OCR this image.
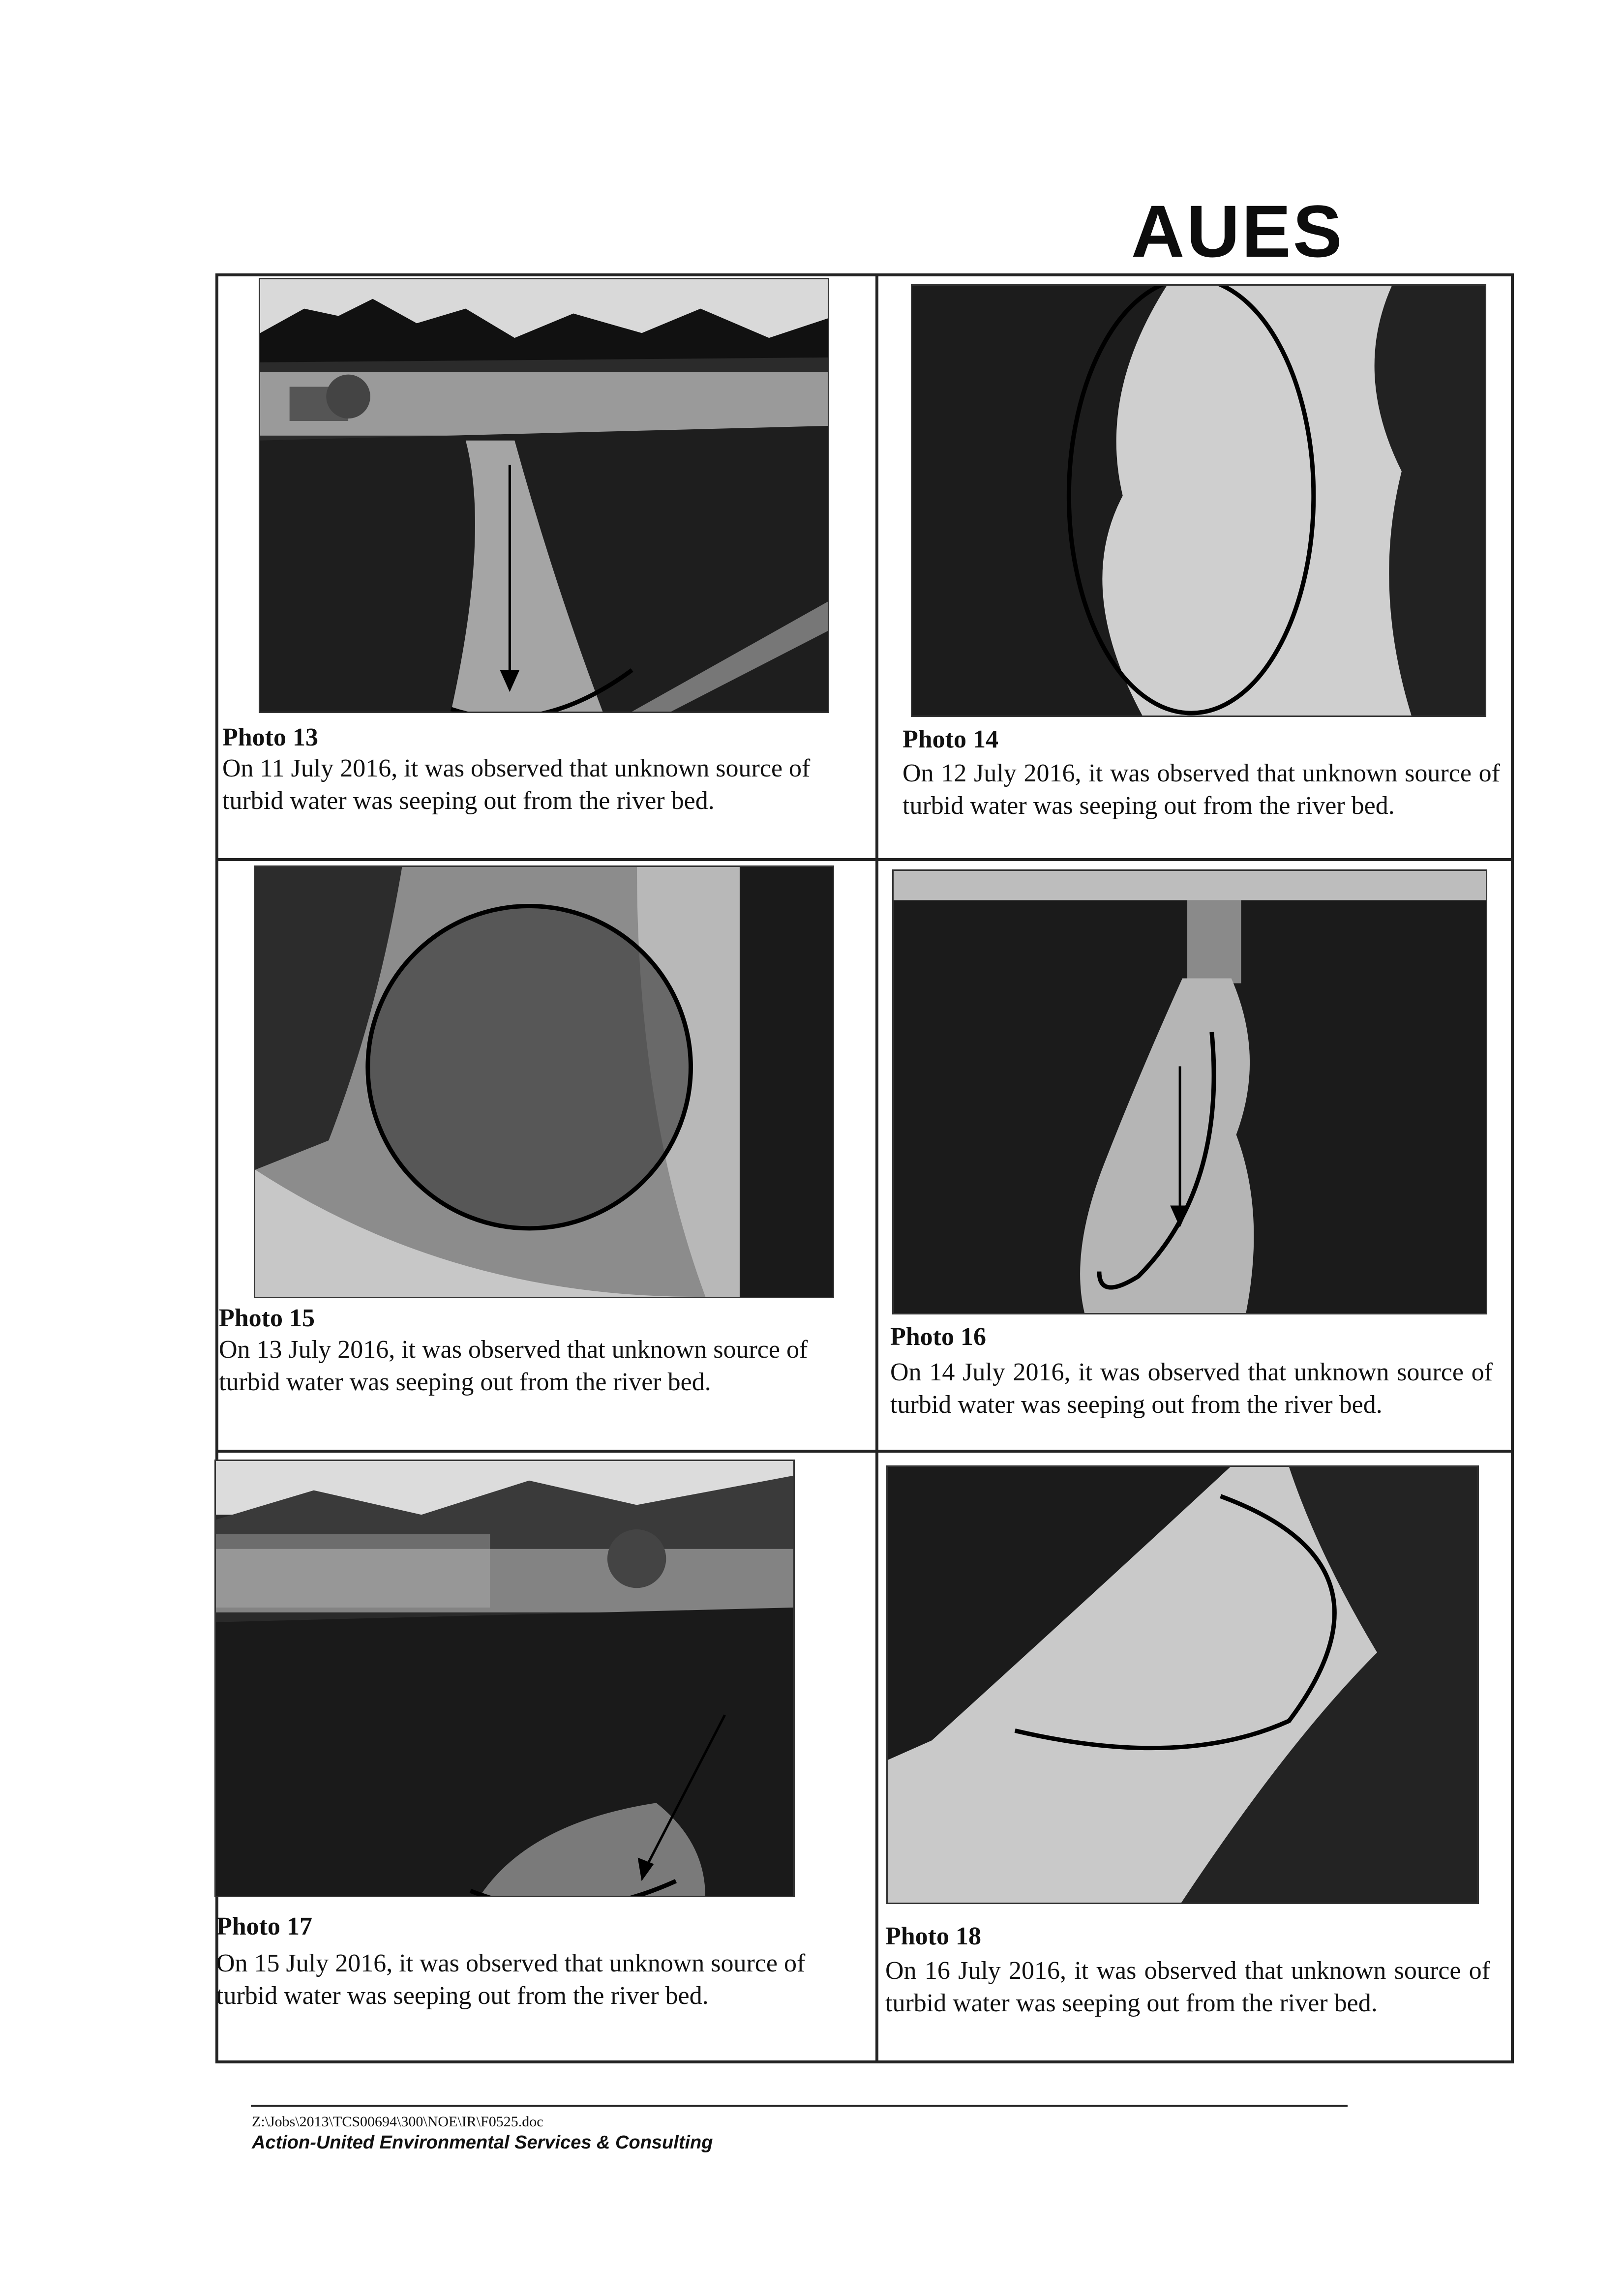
AUES
Photo 13

On 11 July 2016, it was observed that unknown source of turbid water was seeping out from the river bed.

Photo 14

On 12 July 2016, it was observed that unknown source of turbid water was seeping out from the river bed.

Photo 15

On 13 July 2016, it was observed that unknown source of turbid water was seeping out from the river bed.

Photo 16

On 14 July 2016, it was observed that unknown source of turbid water was seeping out from the river bed.

Photo 17

On 15 July 2016, it was observed that unknown source of turbid water was seeping out from the river bed.

Photo 18

On 16 July 2016, it was observed that unknown source of turbid water was seeping out from the river bed.

Z:\Jobs\2013\TCS00694\300\NOE\IR\F0525.doc
Action-United Environmental Services & Consulting
